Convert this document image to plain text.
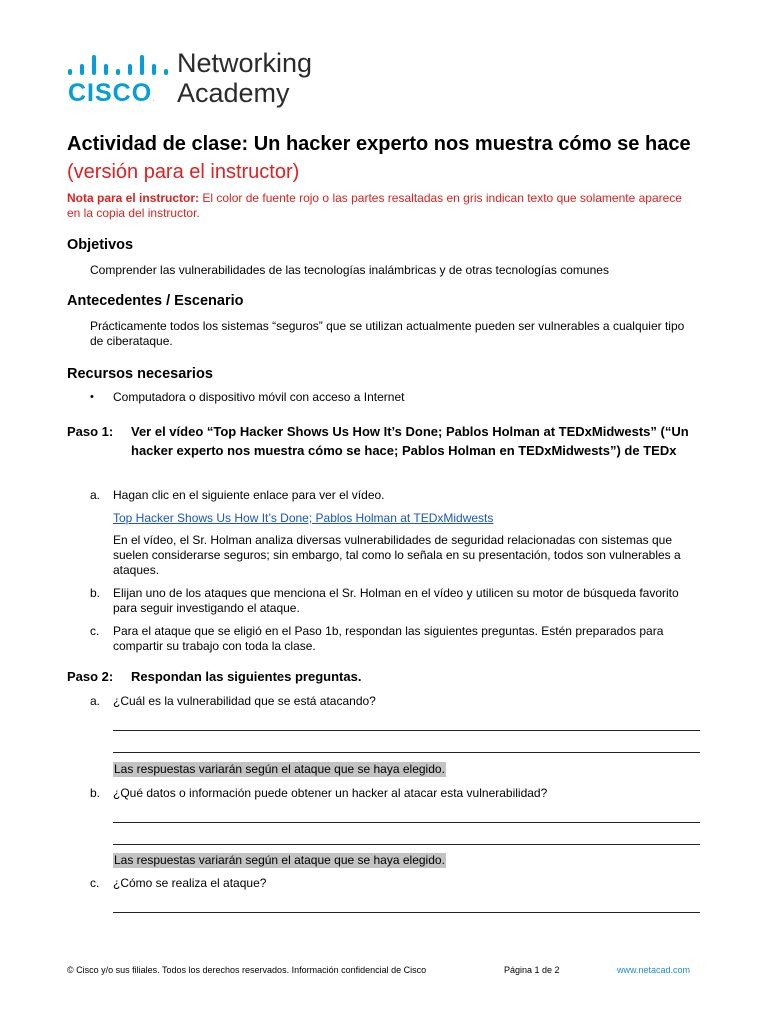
CISCO.
Networking
Academy
Actividad de clase: Un hacker experto nos muestra cómo se hace
(versión para el instructor)
Nota para el instructor: El color de fuente rojo o las partes resaltadas en gris indican texto que solamente aparece en la copia del instructor.
Objetivos
Comprender las vulnerabilidades de las tecnologías inalámbricas y de otras tecnologías comunes
Antecedentes / Escenario
Prácticamente todos los sistemas “seguros” que se utilizan actualmente pueden ser vulnerables a cualquier tipo de ciberataque.
Recursos necesarios
• Computadora o dispositivo móvil con acceso a Internet
Paso 1: Ver el vídeo “Top Hacker Shows Us How It’s Done; Pablos Holman at TEDxMidwests” (“Un hacker experto nos muestra cómo se hace; Pablos Holman en TEDxMidwests”) de TEDx
a. Hagan clic en el siguiente enlace para ver el vídeo.
Top Hacker Shows Us How It’s Done; Pablos Holman at TEDxMidwests
En el vídeo, el Sr. Holman analiza diversas vulnerabilidades de seguridad relacionadas con sistemas que suelen considerarse seguros; sin embargo, tal como lo señala en su presentación, todos son vulnerables a ataques.
b. Elijan uno de los ataques que menciona el Sr. Holman en el vídeo y utilicen su motor de búsqueda favorito para seguir investigando el ataque.
c. Para el ataque que se eligió en el Paso 1b, respondan las siguientes preguntas. Estén preparados para compartir su trabajo con toda la clase.
Paso 2: Respondan las siguientes preguntas.
a. ¿Cuál es la vulnerabilidad que se está atacando?
Las respuestas variarán según el ataque que se haya elegido.
b. ¿Qué datos o información puede obtener un hacker al atacar esta vulnerabilidad?
Las respuestas variarán según el ataque que se haya elegido.
c. ¿Cómo se realiza el ataque?
© Cisco y/o sus filiales. Todos los derechos reservados. Información confidencial de Cisco	Página 1 de 2	www.netacad.com
